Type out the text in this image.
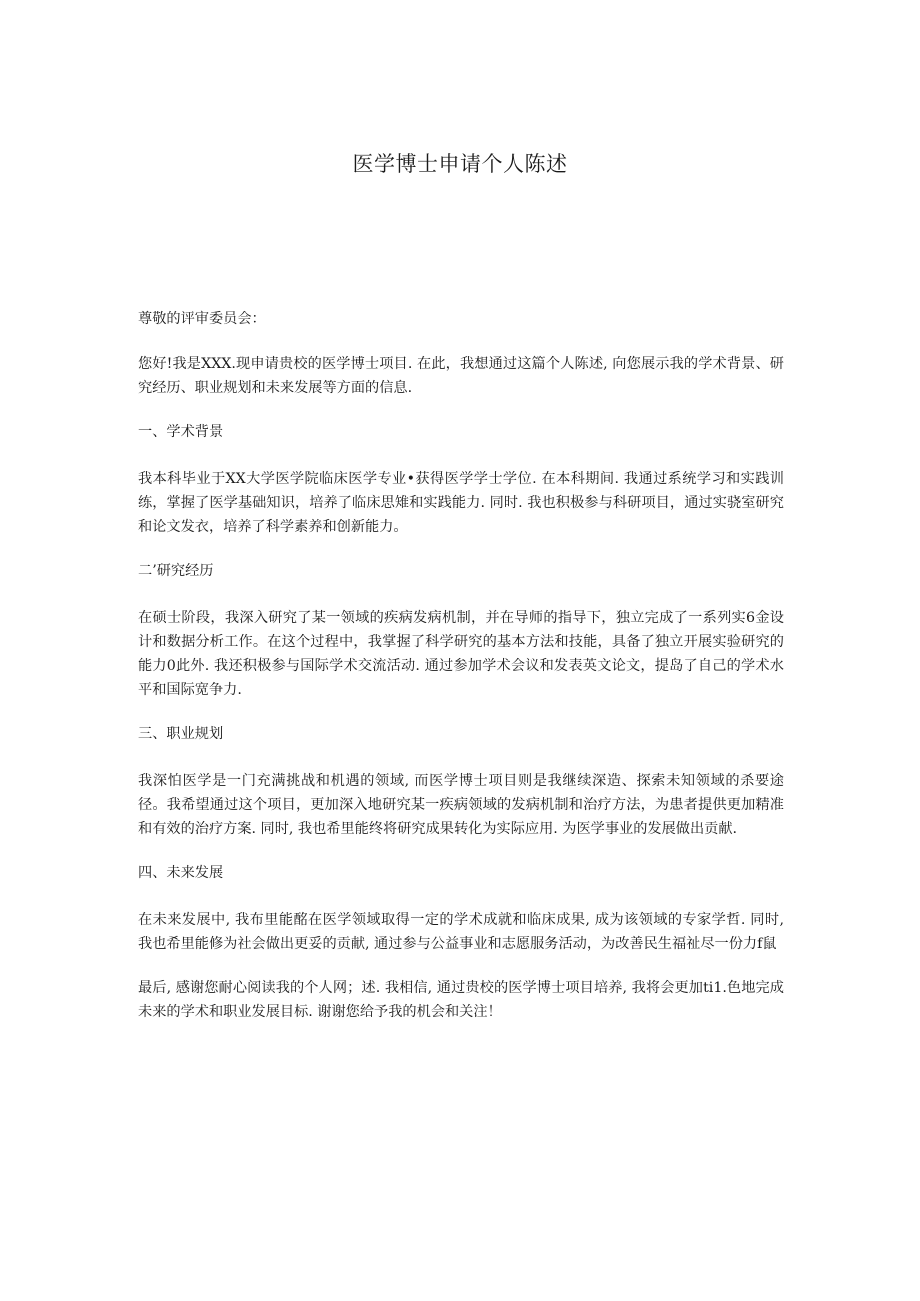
医学博士申请个人陈述

尊敬的评审委员会：

您好!我是XXX.现申请贵校的医学博士项目. 在此，我想通过这篇个人陈述, 向您展示我的学术背景、研究经历、职业规划和未来发展等方面的信息.

一、学术背景

我本科毕业于XX大学医学院临床医学专业•获得医学学士学位. 在本科期间. 我通过系统学习和实践训练，掌握了医学基础知识，培养了临床思雉和实践能力. 同时. 我也积极参与科研项目，通过实骁室研究和论文发衣，培养了科学素养和创新能力。

二’研究经历

在硕士阶段，我深入研究了某一领域的疾病发病机制，并在导师的指导下，独立完成了一系列实6金设计和数据分析工作。在这个过程中，我掌握了科学研究的基本方法和技能，具备了独立开展实验研究的能力0此外. 我还积极参与国际学术交流活动. 通过参加学术会议和发表英文论文，提岛了自己的学术水平和国际宽争力.

三、职业规划

我深怕医学是一门充满挑战和机遇的领域, 而医学博士项目则是我继续深造、探索未知领域的杀要途径。我希望通过这个项目，更加深入地研究某一疾病领域的发病机制和治疗方法，为患者提供更加精准和有效的治疗方案. 同时, 我也希里能终将研究成果转化为实际应用. 为医学事业的发展做出贡献.

四、未来发展

在未来发展中, 我布里能酩在医学领域取得一定的学术成就和临床成果, 成为该领域的专家学哲. 同时, 我也希里能修为社会做出更妥的贡献, 通过参与公益事业和志愿服务活动，为改善民生福祉尽一份力f鼠

最后, 感谢您耐心阅读我的个人网；述. 我相信, 通过贵校的医学博士项目培养, 我将会更加ti1.色地完成未来的学术和职业发展目标. 谢谢您给予我的机会和关注！
